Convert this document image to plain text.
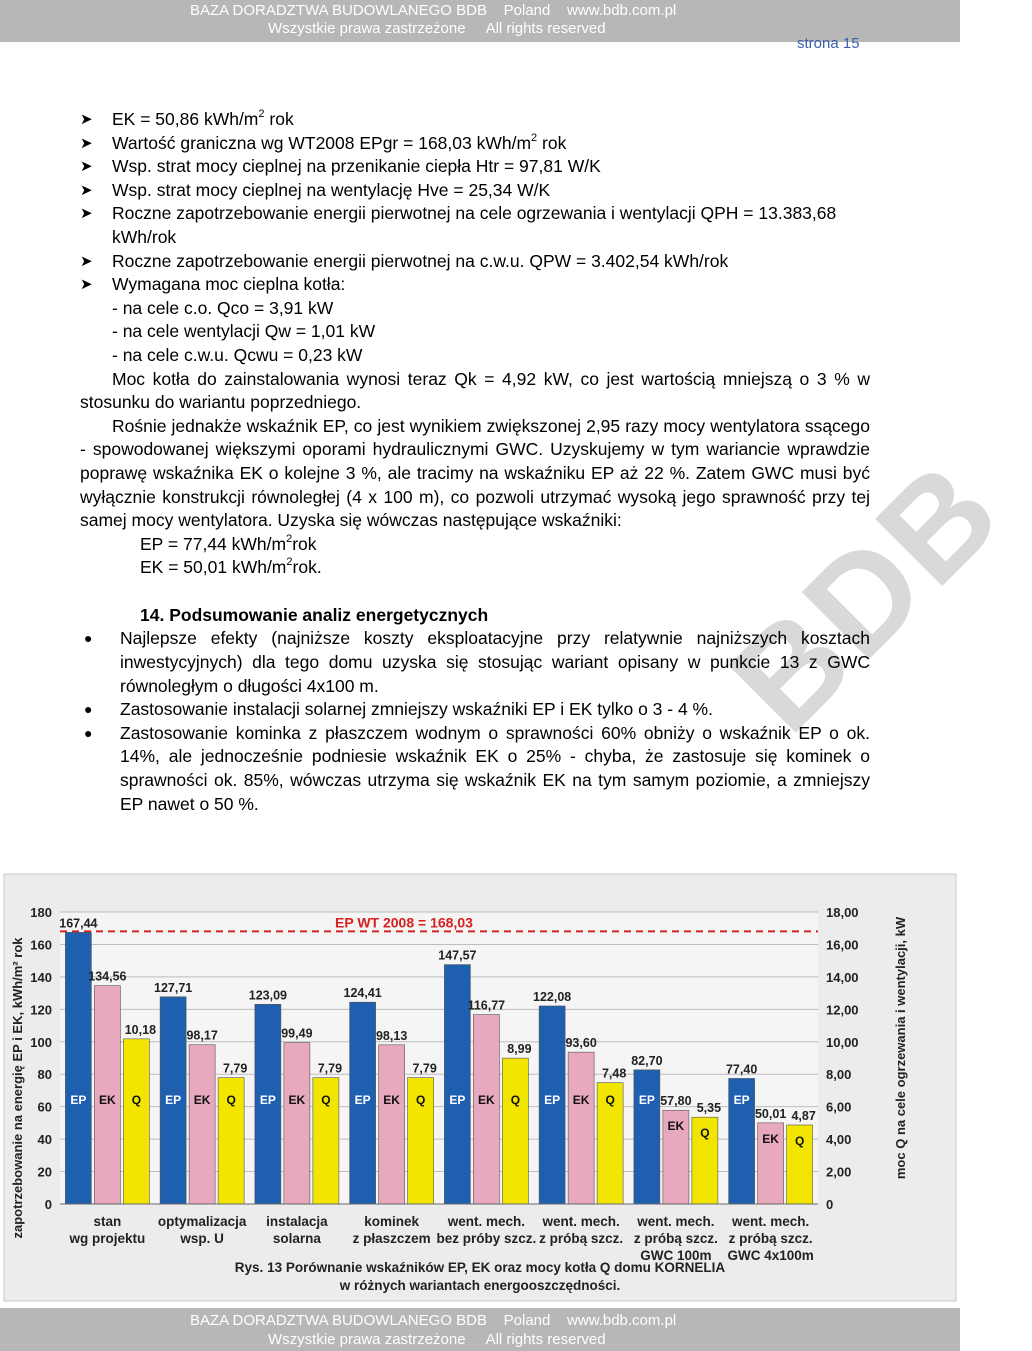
BAZA DORADZTWA BUDOWLANEGO BDB    Poland    www.bdb.com.pl
Wszystkie prawa zastrzeżone     All rights reserved
strona 15
BDB
➤ EK = 50,86 kWh/$m^2$ rok
➤ Wartość graniczna wg WT2008 EPgr = 168,03 kWh/$m^2$ rok
➤ Wsp. strat mocy cieplnej na przenikanie ciepła Htr = 97,81 W/K
➤ Wsp. strat mocy cieplnej na wentylację Hve = 25,34 W/K
➤ Roczne zapotrzebowanie energii pierwotnej na cele ogrzewania i wentylacji QPH = 13.383,68 kWh/rok
➤ Roczne zapotrzebowanie energii pierwotnej na c.w.u. QPW = 3.402,54 kWh/rok
➤ Wymagana moc cieplna kotła:
- na cele c.o. Qco = 3,91 kW
- na cele wentylacji Qw = 1,01 kW
- na cele c.w.u. Qcwu = 0,23 kW
Moc kotła do zainstalowania wynosi teraz Qk = 4,92 kW, co jest wartością mniejszą o 3 % w stosunku do wariantu poprzedniego.
Rośnie jednakże wskaźnik EP, co jest wynikiem zwiększonej 2,95 razy mocy wentylatora ssącego - spowodowanej większymi oporami hydraulicznymi GWC. Uzyskujemy w tym wariancie wprawdzie poprawę wskaźnika EK o kolejne 3 %, ale tracimy na wskaźniku EP aż 22 %. Zatem GWC musi być wyłącznie konstrukcji równoległej (4 x 100 m), co pozwoli utrzymać wysoką jego sprawność przy tej samej mocy wentylatora. Uzyska się wówczas następujące wskaźniki:
EP = 77,44 kWh/$m^2rok$
EK = 50,01 kWh/$m^2rok$.
14. Podsumowanie analiz energetycznych
● Najlepsze efekty (najniższe koszty eksploatacyjne przy relatywnie najniższych kosztach inwestycyjnych) dla tego domu uzyska się stosując wariant opisany w punkcie 13 z GWC równoległym o długości 4x100 m.
● Zastosowanie instalacji solarnej zmniejszy wskaźniki EP i EK tylko o 3 - 4 %.
● Zastosowanie kominka z płaszczem wodnym o sprawności 60% obniży o wskaźnik EP o ok. 14%, ale jednocześnie podniesie wskaźnik EK o 25% - chyba, że zastosuje się kominek o sprawności ok. 85%, wówczas utrzyma się wskaźnik EK na tym samym poziomie, a zmniejszy EP nawet o 50 %.
180
160
140
120
100
80
60
40
20
0
18,00
16,00
14,00
12,00
10,00
8,00
6,00
4,00
2,00
0
zapotrzebowanie na energię EP i EK, kWh/m² rok	moc Q na cele ogrzewania i wentylacji, kW
EP WT 2008 = 168,03
167,44
EP
134,56
EK
10,18
Q
stan
wg projektu
127,71
EP
98,17
EK
7,79
Q
optymalizacja
wsp. U
123,09
EP
99,49
EK
7,79
Q
instalacja
solarna
124,41
EP
98,13
EK
7,79
Q
kominek
z płaszczem
147,57
EP
116,77
EK
8,99
Q
went. mech.
bez próby szcz.
122,08
EP
93,60
EK
7,48
Q
went. mech.
z próbą szcz.
82,70
EP 57,80
EK
5,35
Q
went. mech.
z próbą szcz.
GWC 100m
77,40
EP
50,01
EK
4,87
Q
went. mech.
z próbą szcz.
GWC 4x100m
Rys. 13 Porównanie wskaźników EP, EK oraz mocy kotła Q domu KORNELIA
w różnych wariantach energooszczędności.
BAZA DORADZTWA BUDOWLANEGO BDB    Poland    www.bdb.com.pl
Wszystkie prawa zastrzeżone     All rights reserved
